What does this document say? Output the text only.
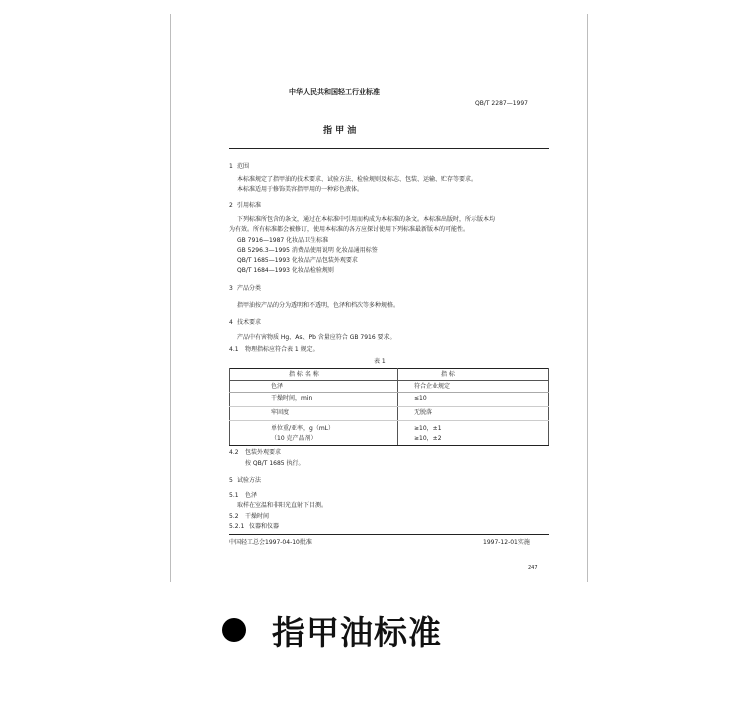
中华人民共和国轻工行业标准
QB/T 2287—1997
指 甲 油
1 范围
本标准规定了指甲油的技术要求、试验方法、检验规则及标志、包装、运输、贮存等要求。
本标准适用于修饰美容指甲用的一种彩色液体。
2 引用标准
下列标准所包含的条文，通过在本标准中引用而构成为本标准的条文。本标准出版时，所示版本均
为有效。所有标准都会被修订，使用本标准的各方应探讨使用下列标准最新版本的可能性。
GB 7916—1987 化妆品卫生标准
GB 5296.3—1995 消费品使用说明 化妆品通用标签
QB/T 1685—1993 化妆品产品包装外观要求
QB/T 1684—1993 化妆品检验规则
3 产品分类
指甲油按产品的分为透明和不透明，色泽和档次等多种规格。
4 技术要求
产品中有害物质 Hg、As、Pb 含量应符合 GB 7916 要求。
4.1 物理指标应符合表 1 规定。
表 1
指 标 名 称	指 标
色泽	符合企业规定
干燥时间，min	≤10
牢固度	无脱落
单位重/亚率，g（mL）	≥10，±1
（10 克产品剂）	≥10，±2
4.2 包装外观要求
按 QB/T 1685 执行。
5 试验方法
5.1 色泽
取样在室温和非阳光直射下目测。
5.2 干燥时间
5.2.1 仪器和仪器
中国轻工总会1997-04-10批准	1997-12-01实施
247
指甲油标准
